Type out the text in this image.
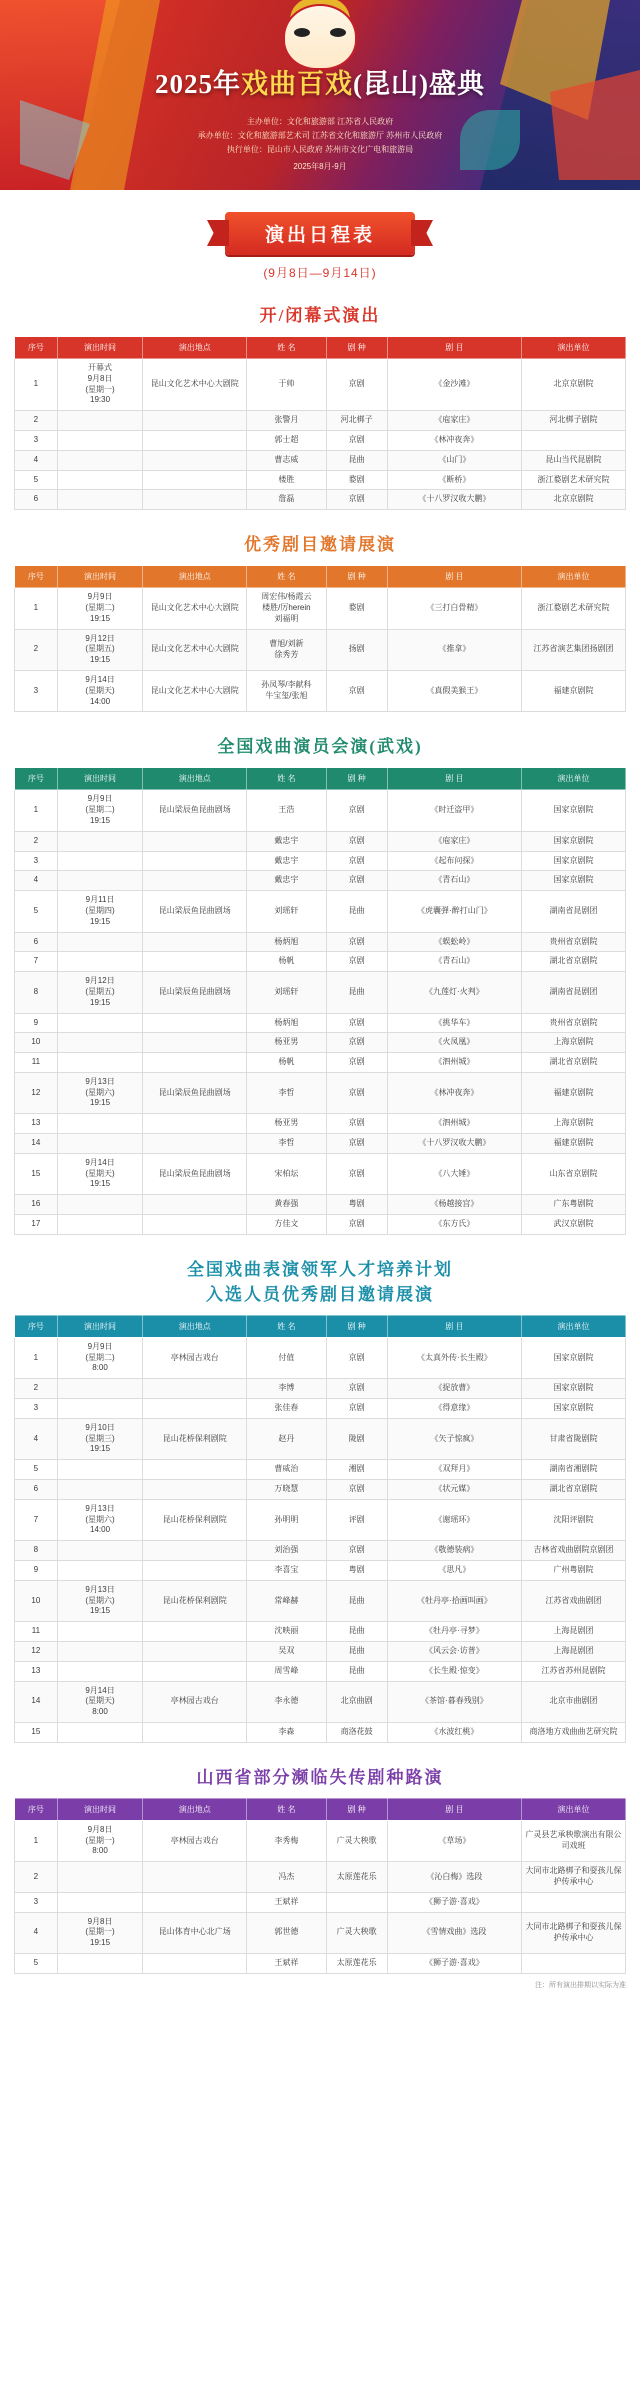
2025年戏曲百戏(昆山)盛典
主办单位：文化和旅游部 江苏省人民政府
承办单位：文化和旅游部艺术司 江苏省文化和旅游厅 苏州市人民政府
执行单位：昆山市人民政府 苏州市文化广电和旅游局
2025年8月-9月
演出日程表
(9月8日—9月14日)
开/闭幕式演出
序号	演出时间	演出地点	姓 名	剧 种	剧 目	演出单位
1	开幕式
9月8日
(星期一)
19:30	昆山文化艺术中心大剧院	于帅	京剧	《金沙滩》	北京京剧院
2			张警月	河北梆子	《庖家庄》	河北梆子剧院
3			郭士超	京剧	《林冲夜奔》	
4			曹志威	昆曲	《山门》	昆山当代昆剧院
5			楼胜	婺剧	《断桥》	浙江婺剧艺术研究院
6			詹磊	京剧	《十八罗汉收大鹏》	北京京剧院
优秀剧目邀请展演
序号	演出时间	演出地点	姓 名	剧 种	剧 目	演出单位
1	9月9日
(星期二)
19:15	昆山文化艺术中心大剧院	周宏伟/杨霞云
楼胜/厉herein
刘福明	婺剧	《三打白骨精》	浙江婺剧艺术研究院
2	9月12日
(星期五)
19:15	昆山文化艺术中心大剧院	曹旭/刘新
徐秀芳	扬剧	《推拿》	江苏省演艺集团扬剧团
3	9月14日
(星期天)
14:00	昆山文化艺术中心大剧院	孙凤琴/李献科
牛宝玺/张旭	京剧	《真假美猴王》	福建京剧院
全国戏曲演员会演(武戏)
序号	演出时间	演出地点	姓 名	剧 种	剧 目	演出单位
1	9月9日
(星期二)
19:15	昆山梁辰鱼昆曲剧场	王浩	京剧	《时迁盗甲》	国家京剧院
2			戴忠宇	京剧	《庖家庄》	国家京剧院
3			戴忠宇	京剧	《起布问探》	国家京剧院
4			戴忠宇	京剧	《青石山》	国家京剧院
5	9月11日
(星期四)
19:15	昆山梁辰鱼昆曲剧场	刘瑶轩	昆曲	《虎囊弹·醉打山门》	湖南省昆剧团
6			杨炳旭	京剧	《蜈蚣岭》	贵州省京剧院
7			杨帆	京剧	《青石山》	湖北省京剧院
8	9月12日
(星期五)
19:15	昆山梁辰鱼昆曲剧场	刘瑶轩	昆曲	《九莲灯·火判》	湖南省昆剧团
9			杨炳旭	京剧	《挑华车》	贵州省京剧院
10			杨亚男	京剧	《火凤凰》	上海京剧院
11			杨帆	京剧	《泗州城》	湖北省京剧院
12	9月13日
(星期六)
19:15	昆山梁辰鱼昆曲剧场	李哲	京剧	《林冲夜奔》	福建京剧院
13			杨亚男	京剧	《泗州城》	上海京剧院
14			李哲	京剧	《十八罗汉收大鹏》	福建京剧院
15	9月14日
(星期天)
19:15	昆山梁辰鱼昆曲剧场	宋柏坛	京剧	《八大锤》	山东省京剧院
16			黄春强	粤剧	《杨越接宫》	广东粤剧院
17			方佳文	京剧	《东方氏》	武汉京剧院
全国戏曲表演领军人才培养计划
入选人员优秀剧目邀请展演
序号	演出时间	演出地点	姓 名	剧 种	剧 目	演出单位
1	9月9日
(星期二)
8:00	亭林园古戏台	付值	京剧	《太真外传·长生殿》	国家京剧院
2			李博	京剧	《捉放曹》	国家京剧院
3			张佳春	京剧	《得意缘》	国家京剧院
4	9月10日
(星期三)
19:15	昆山花桥保利剧院	赵丹	陇剧	《矢子惊疯》	甘肃省陇剧院
5			曹威治	湘剧	《双拜月》	湖南省湘剧院
6			万晓慧	京剧	《状元媒》	湖北省京剧院
7	9月13日
(星期六)
14:00	昆山花桥保利剧院	孙明明	评剧	《谢瑶环》	沈阳评剧院
8			刘治强	京剧	《敬德装病》	吉林省戏曲剧院京剧团
9			李喜宝	粤剧	《思凡》	广州粤剧院
10	9月13日
(星期六)
19:15	昆山花桥保利剧院	常峰赫	昆曲	《牡丹亭·拾画叫画》	江苏省戏曲剧团
11			沈映丽	昆曲	《牡丹亭·寻梦》	上海昆剧团
12			吴双	昆曲	《风云会·访普》	上海昆剧团
13			周雪峰	昆曲	《长生殿·惊变》	江苏省苏州昆剧院
14	9月14日
(星期天)
8:00	亭林园古戏台	李永德	北京曲剧	《茶馆·暮春残别》	北京市曲剧团
15			李森	商洛花鼓	《水波红桃》	商洛地方戏曲曲艺研究院
山西省部分濒临失传剧种路演
序号	演出时间	演出地点	姓 名	剧 种	剧 目	演出单位
1	9月8日
(星期一)
8:00	亭林园古戏台	李秀梅	广灵大秧歌	《草场》	广灵县艺承秧歌演出有限公司戏班
2			冯杰	太原莲花乐	《沁白梅》选段	大同市北路梆子和耍孩儿保护传承中心
3			王斌祥		《狮子游·喜戏》	
4	9月8日
(星期一)
19:15	昆山体育中心北广场	郭世德	广灵大秧歌	《雪情戏曲》选段	大同市北路梆子和耍孩儿保护传承中心
5			王斌祥	太原莲花乐	《狮子游·喜戏》	
注：所有演出排期以实际为准
